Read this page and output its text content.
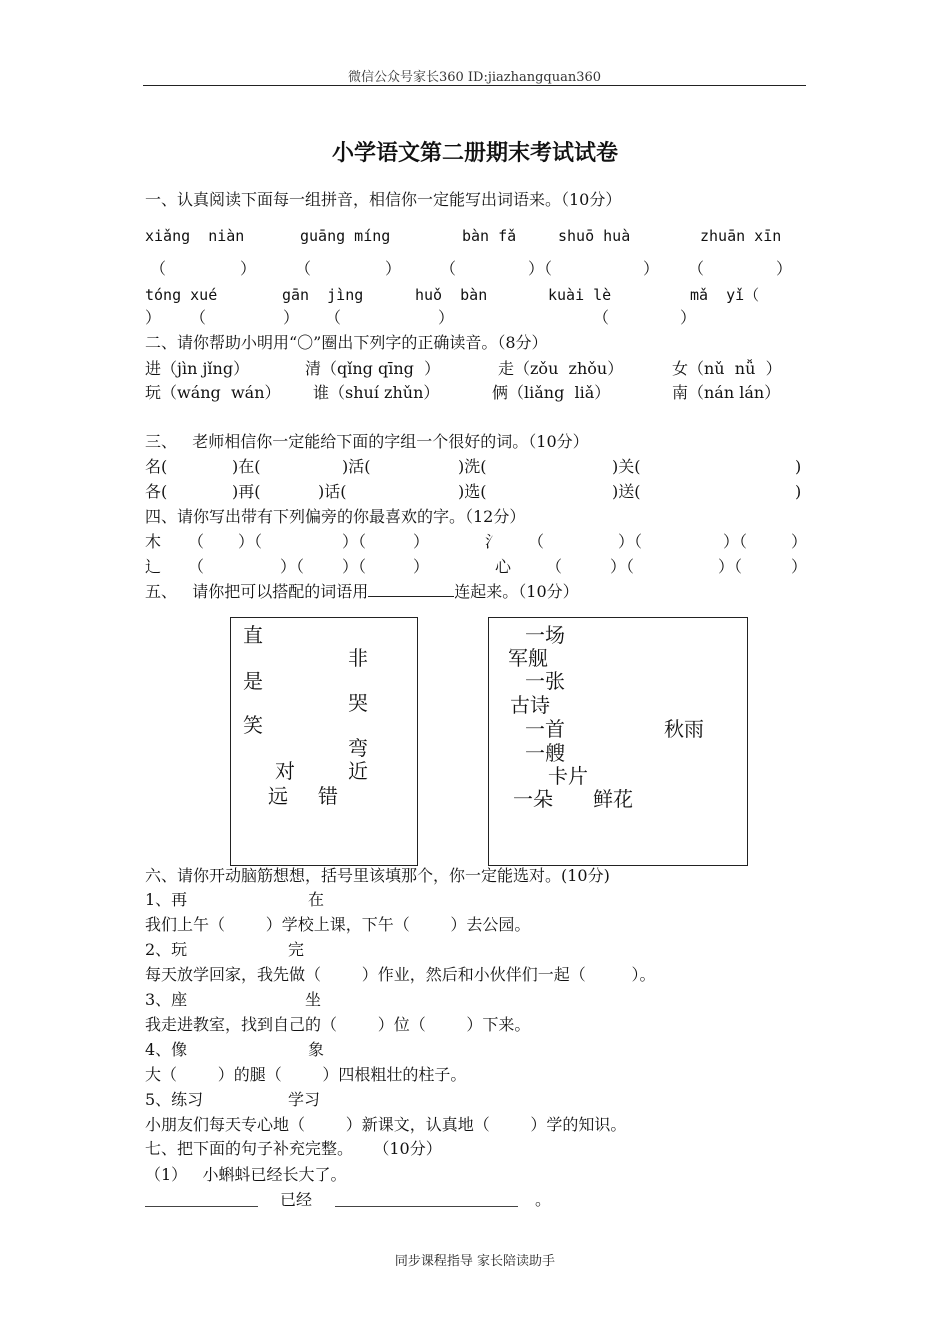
微信公众号家长360 ID:jiazhangquan360
小学语文第二册期末考试试卷
一、认真阅读下面每一组拼音，相信你一定能写出词语来。（10分）
xiǎng  niàn	guāng míng	bàn fǎ	shuō huà	zhuān xīn
（	） （	） （	）（	） （	）
tóng xué	gān  jìng	huǒ  bàn	kuài lè	mǎ  yǐ（
） （	） （	）	（	）
二、请你帮助小明用“〇”圈出下列字的正确读音。（8分）
进（jìn jǐng）	清（qǐng qīng  ）	走（zǒu  zhǒu）	女（nǔ  nǚ  ）
玩（wáng  wán） 谁（shuí zhǔn）	俩（liǎng  liǎ）	南（nán lán）
三、   老师相信你一定能给下面的字组一个很好的词。（10分）
名(	)在(	)活(	)洗(	)关(	)
各(	)再(	)话(	)选(	)送(	)
四、请你写出带有下列偏旁的你最喜欢的字。（12分）
木 （ ）（	）（	）	氵 （	）（	）（	）
辶 （	）（ ）（	）	心 （	）（	）（	）
五、   请你把可以搭配的词语用	连起来。（10分）
直
非
是
哭
笑
弯
对	近
远 错
一场
军舰
一张
古诗
一首	秋雨
一艘
卡片
一朵 鲜花
六、请你开动脑筋想想，括号里该填那个，你一定能选对。(10分)
1、再	在
我们上午（        ）学校上课，下午（        ）去公园。
2、玩	完
每天放学回家，我先做（        ）作业，然后和小伙伴们一起（         ）。
3、座	坐
我走进教室，找到自己的（        ）位（        ）下来。
4、像	象
大（        ）的腿（        ）四根粗壮的柱子。
5、练习	学习
小朋友们每天专心地（        ）新课文，认真地（        ）学的知识。
七、把下面的句子补充完整。    （10分）
（1）   小蝌蚪已经长大了。
已经	。
同步课程指导 家长陪读助手
